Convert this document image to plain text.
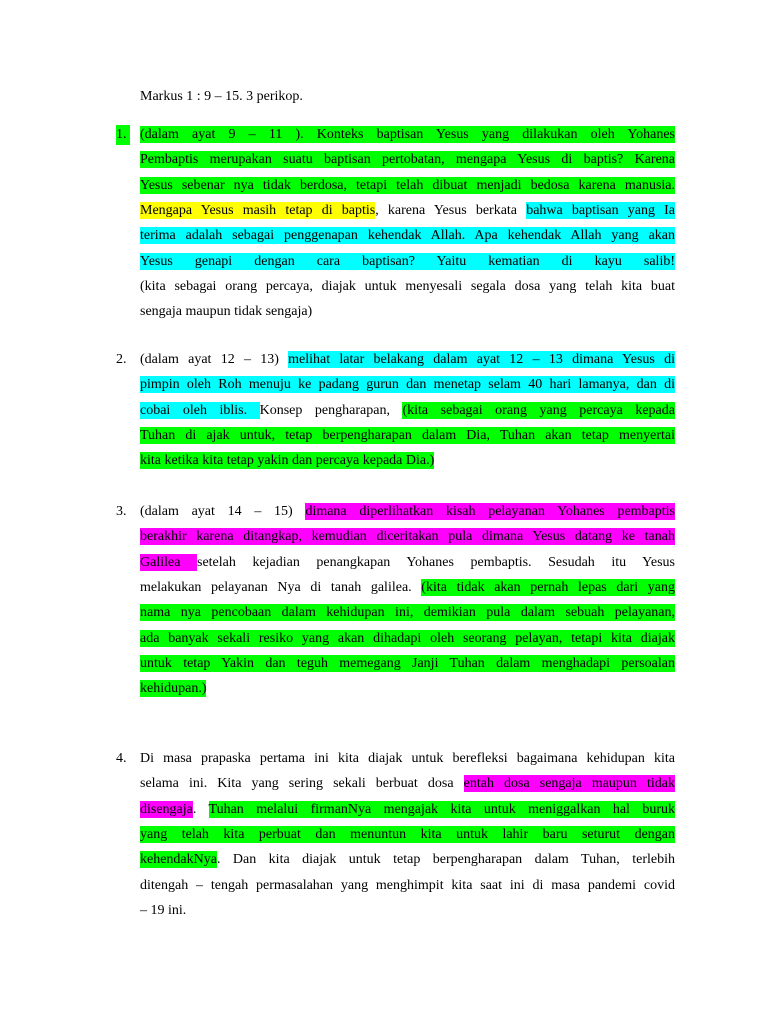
Markus 1 : 9 – 15. 3 perikop.
1. (dalam ayat 9 – 11 ). Konteks baptisan Yesus yang dilakukan oleh Yohanes
Pembaptis merupakan suatu baptisan pertobatan, mengapa Yesus di baptis? Karena
Yesus sebenar nya tidak berdosa, tetapi telah dibuat menjadi bedosa karena manusia.
Mengapa Yesus masih tetap di baptis, karena Yesus berkata bahwa baptisan yang Ia
terima adalah sebagai penggenapan kehendak Allah. Apa kehendak Allah yang akan
Yesus genapi dengan cara baptisan? Yaitu kematian di kayu salib!
(kita sebagai orang percaya, diajak untuk menyesali segala dosa yang telah kita buat
sengaja maupun tidak sengaja)
2. (dalam ayat 12 – 13) melihat latar belakang dalam ayat 12 – 13 dimana Yesus di
pimpin oleh Roh menuju ke padang gurun dan menetap selam 40 hari lamanya, dan di
cobai oleh iblis. Konsep pengharapan, (kita sebagai orang yang percaya kepada
Tuhan di ajak untuk, tetap berpengharapan dalam Dia, Tuhan akan tetap menyertai
kita ketika kita tetap yakin dan percaya kepada Dia.)
3. (dalam ayat 14 – 15) dimana diperlihatkan kisah pelayanan Yohanes pembaptis
berakhir karena ditangkap, kemudian diceritakan pula dimana Yesus datang ke tanah
Galilea setelah kejadian penangkapan Yohanes pembaptis. Sesudah itu Yesus
melakukan pelayanan Nya di tanah galilea. (kita tidak akan pernah lepas dari yang
nama nya pencobaan dalam kehidupan ini, demikian pula dalam sebuah pelayanan,
ada banyak sekali resiko yang akan dihadapi oleh seorang pelayan, tetapi kita diajak
untuk tetap Yakin dan teguh memegang Janji Tuhan dalam menghadapi persoalan
kehidupan.)
4. Di masa prapaska pertama ini kita diajak untuk berefleksi bagaimana kehidupan kita
selama ini. Kita yang sering sekali berbuat dosa entah dosa sengaja maupun tidak
disengaja. Tuhan melalui firmanNya mengajak kita untuk meniggalkan hal buruk
yang telah kita perbuat dan menuntun kita untuk lahir baru seturut dengan
kehendakNya. Dan kita diajak untuk tetap berpengharapan dalam Tuhan, terlebih
ditengah – tengah permasalahan yang menghimpit kita saat ini di masa pandemi covid
– 19 ini.
